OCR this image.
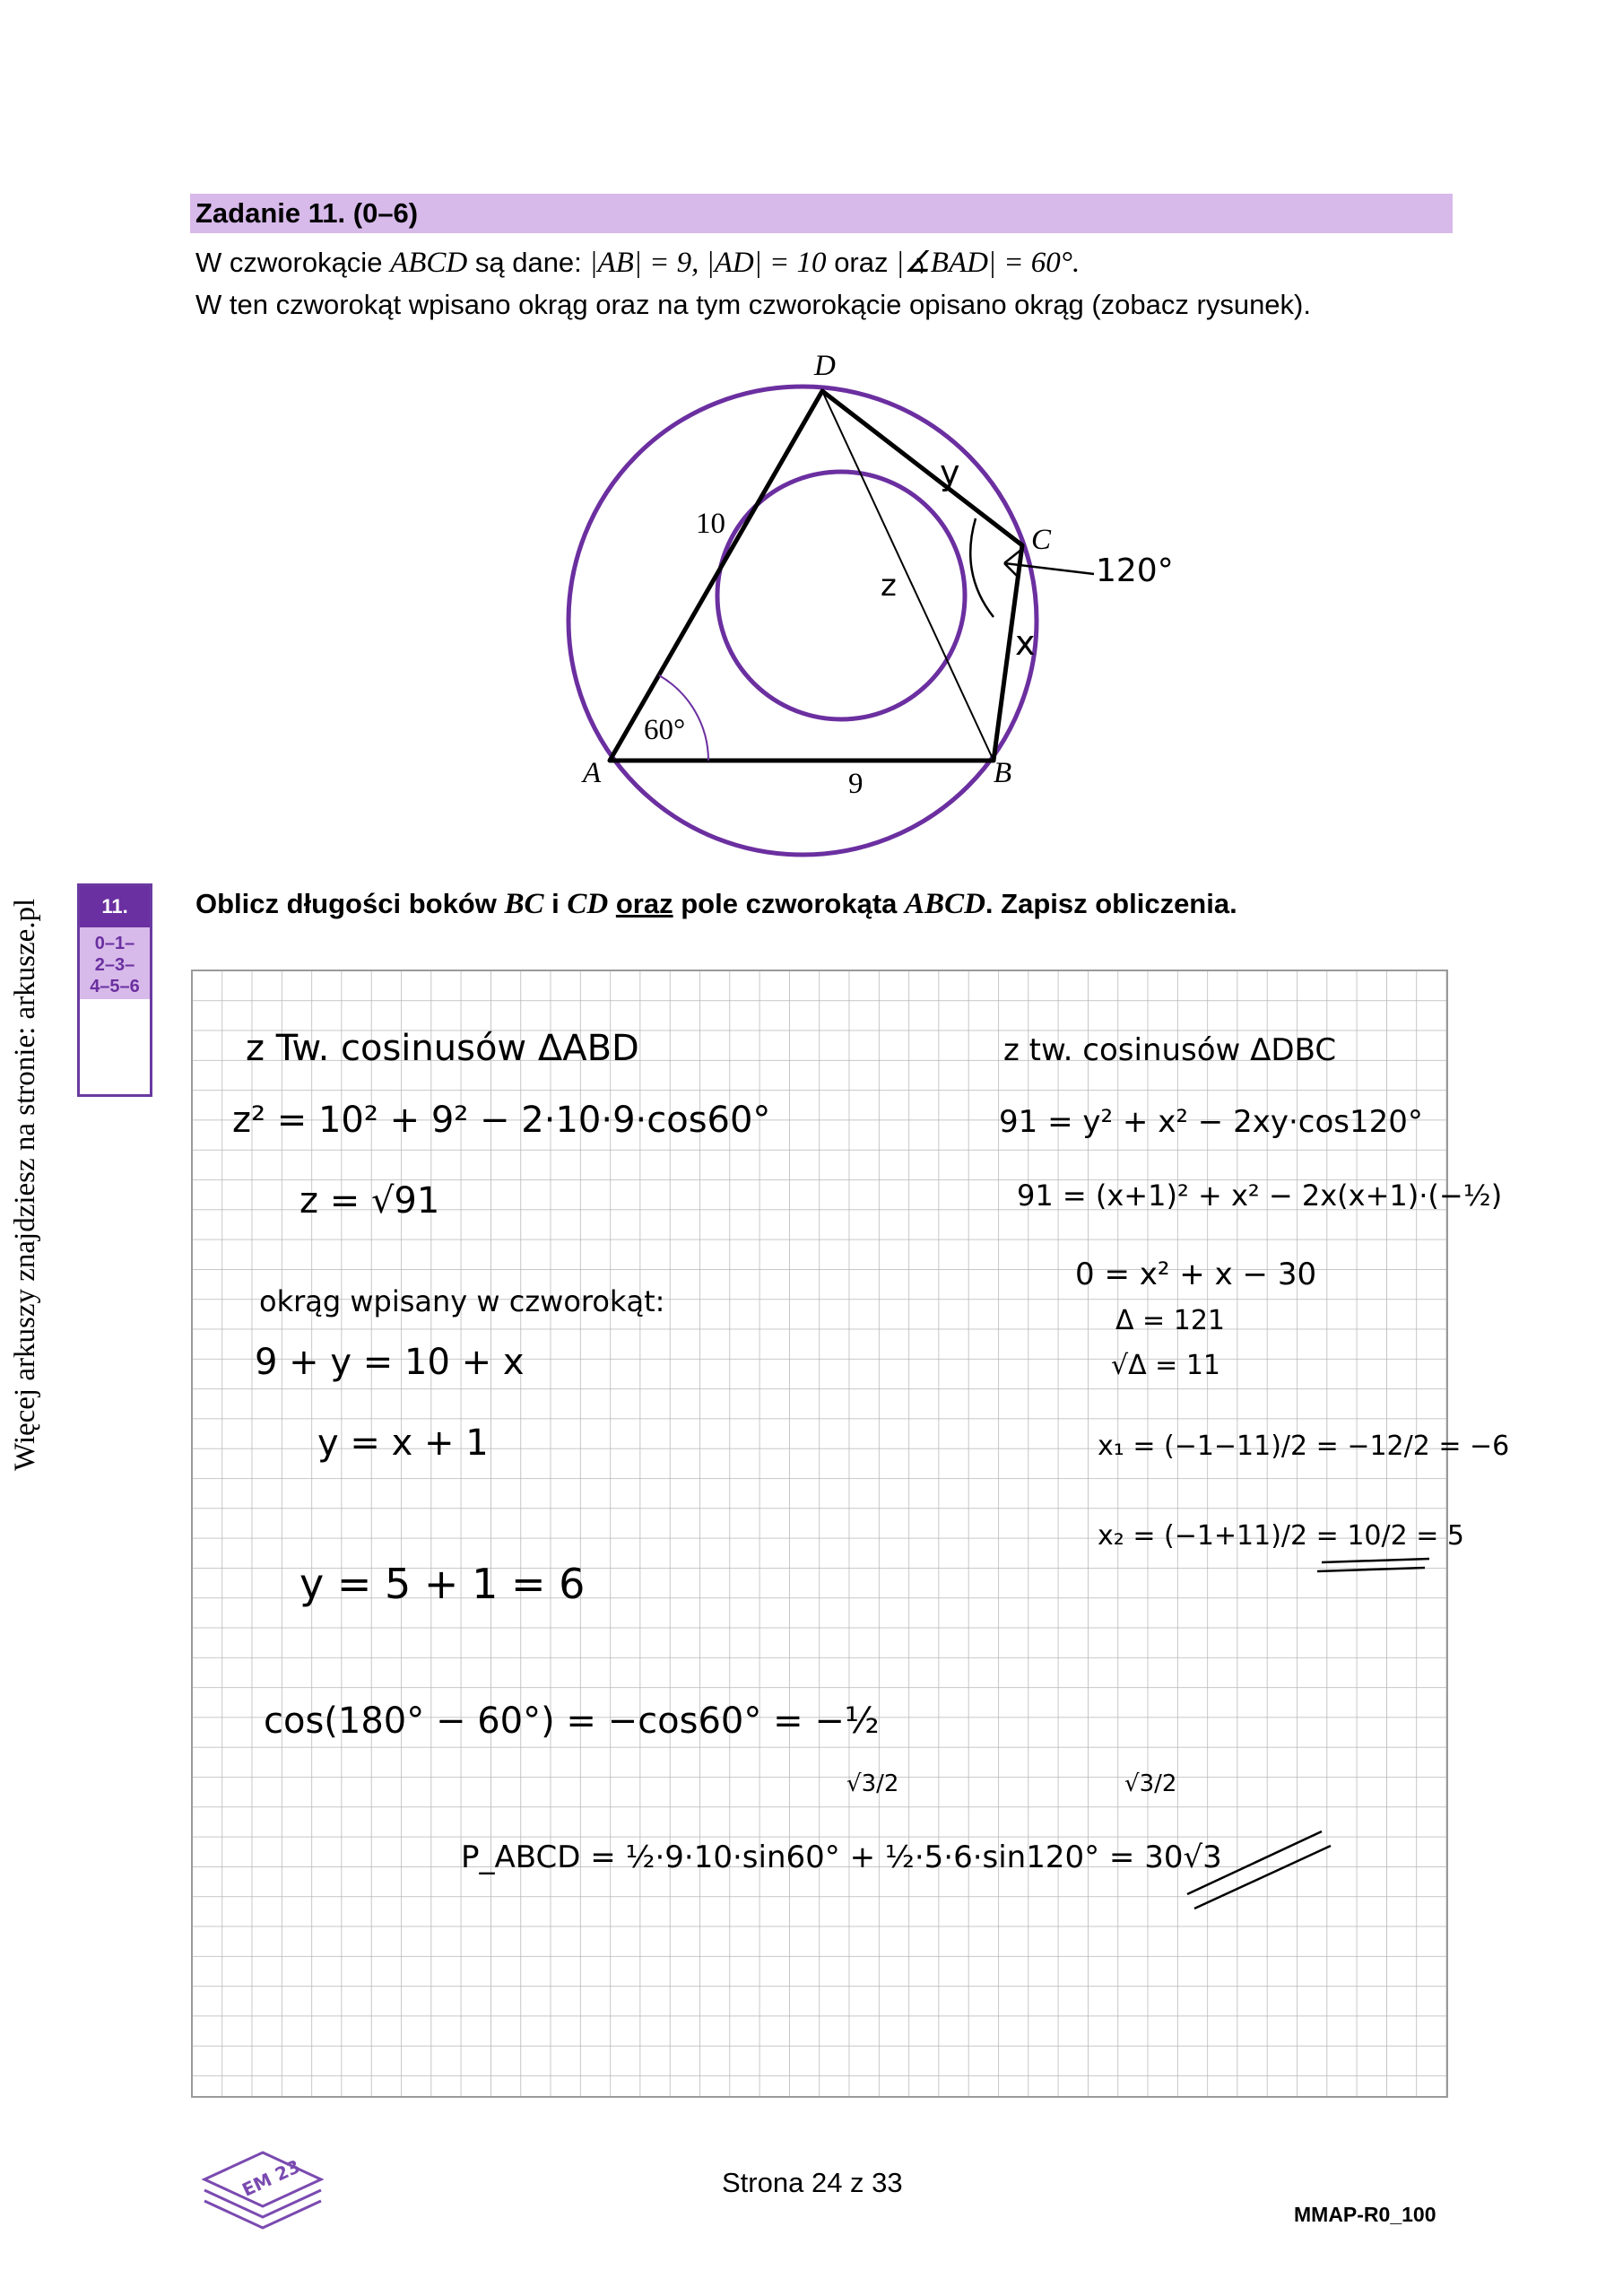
Zadanie 11. (0–6)
W czworokącie ABCD są dane: |AB| = 9, |AD| = 10 oraz |∡BAD| = 60°.
W ten czworokąt wpisano okrąg oraz na tym czworokącie opisano okrąg (zobacz rysunek).
D
C
A	B
10
9
60°
y
x
z	120°
Więcej arkuszy znajdziesz na stronie: arkusze.pl	11.
0–1–
2–3–
4–5–6
Oblicz długości boków BC i CD oraz pole czworokąta ABCD. Zapisz obliczenia.
z Tw. cosinusów ΔABD
z² = 10² + 9² − 2·10·9·cos60°
z = √91
okrąg wpisany w czworokąt:
9 + y = 10 + x
y = x + 1
y = 5 + 1 = 6
z tw. cosinusów ΔDBC
91 = y² + x² − 2xy·cos120°
91 = (x+1)² + x² − 2x(x+1)·(−½)
0 = x² + x − 30
Δ = 121
√Δ = 11
x₁ = (−1−11)/2 = −12/2 = −6
x₂ = (−1+11)/2 = 10/2 = 5
cos(180° − 60°) = −cos60° = −½
√3/2	√3/2
P_ABCD = ½·9·10·sin60° + ½·5·6·sin120° = 30√3
EM 23	Strona 24 z 33
MMAP-R0_100
